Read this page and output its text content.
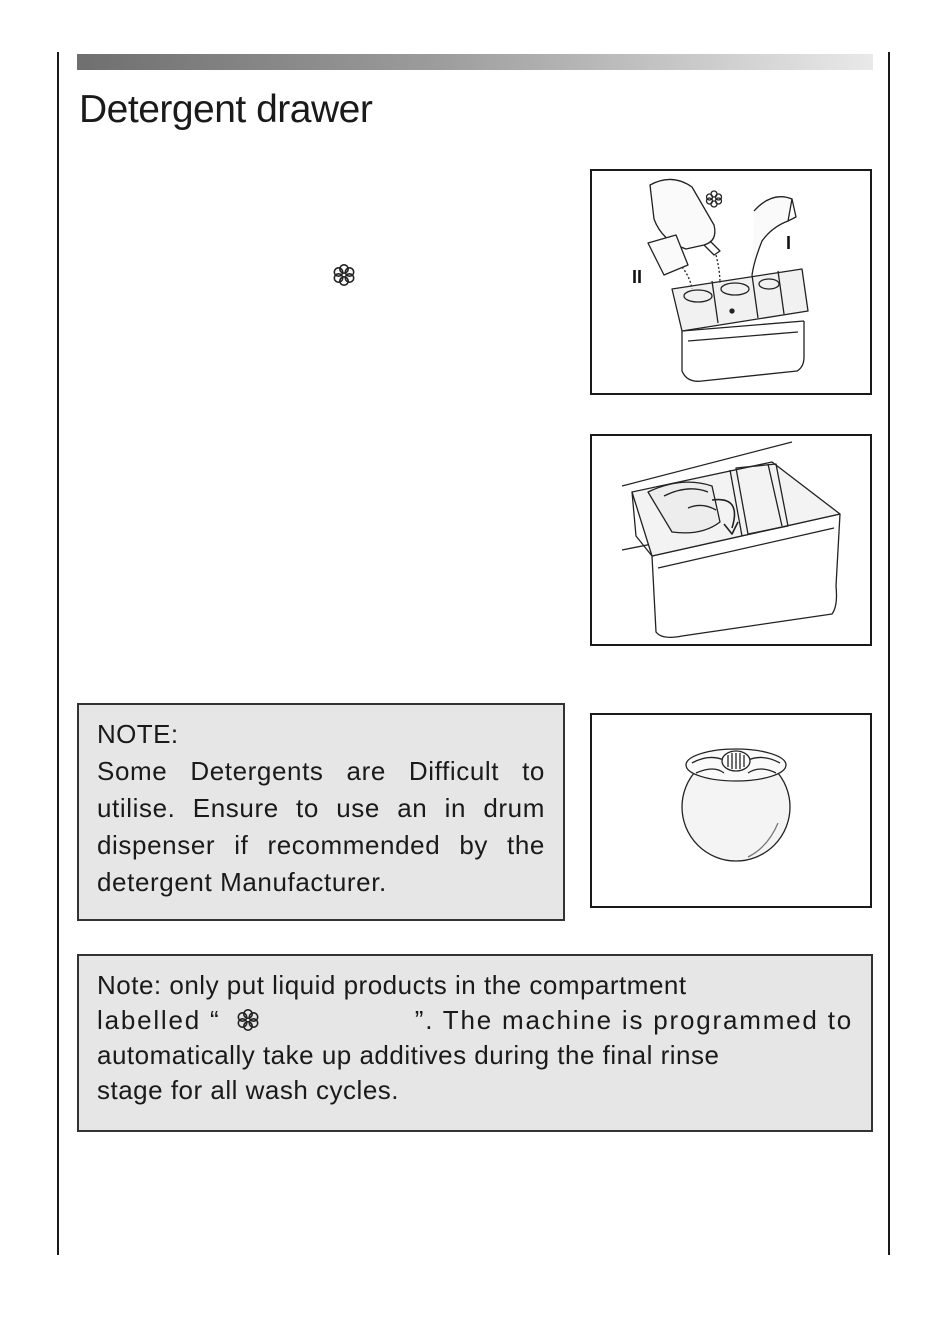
Detergent drawer
II
I
NOTE:

Some Detergents are Difficult to utilise. Ensure to use an in drum dispenser if recommended by the detergent Manufacturer.

Note: only put liquid products in the compartment
labelled “	”. The machine is programmed to
automatically take up additives during the final rinse
stage for all wash cycles.
